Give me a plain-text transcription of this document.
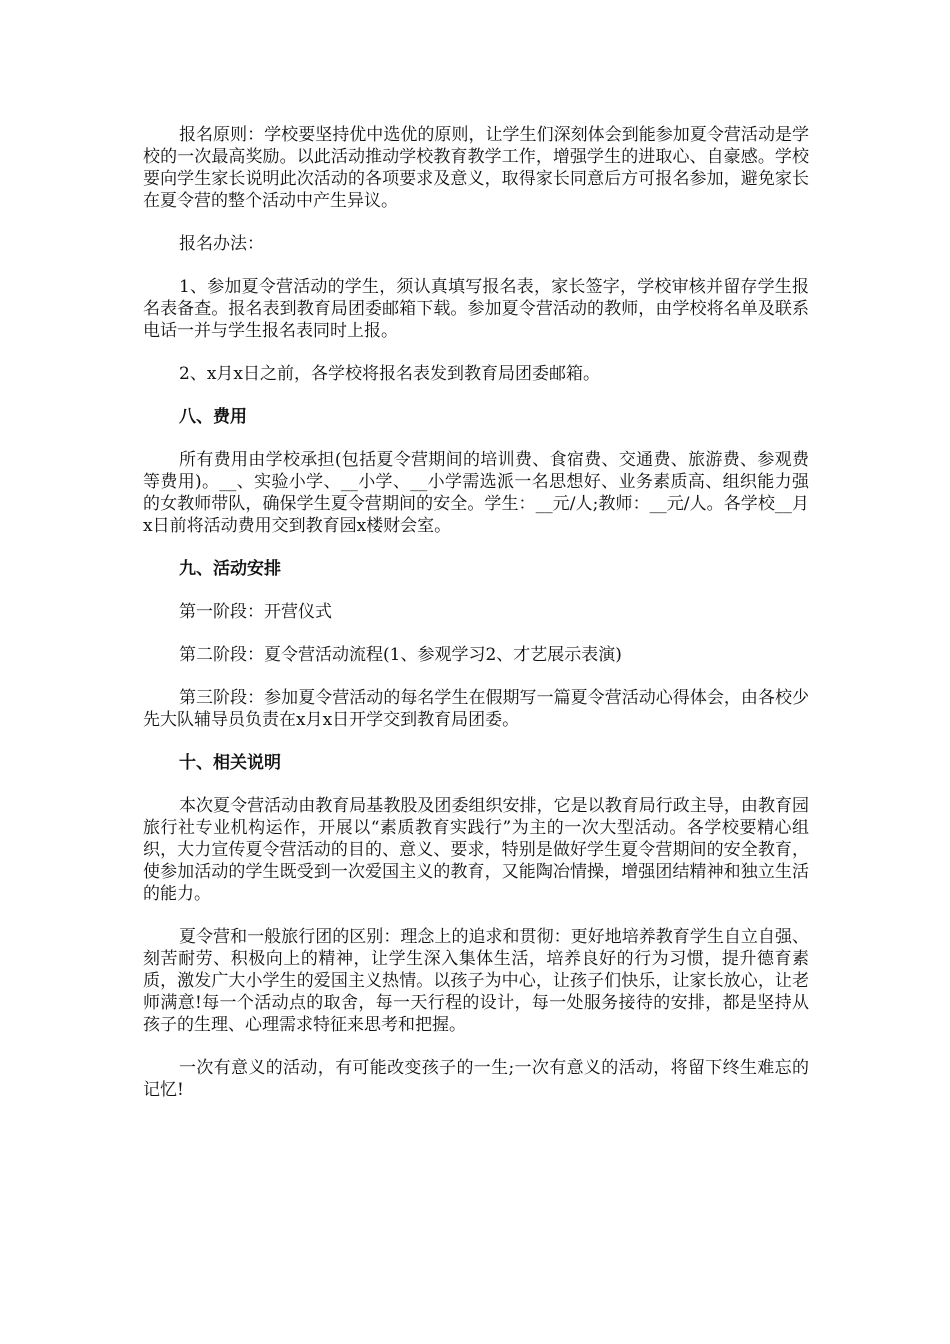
报名原则：学校要坚持优中选优的原则，让学生们深刻体会到能参加夏令营活动是学校的一次最高奖励。以此活动推动学校教育教学工作，增强学生的进取心、自豪感。学校要向学生家长说明此次活动的各项要求及意义，取得家长同意后方可报名参加，避免家长在夏令营的整个活动中产生异议。

报名办法：

1、参加夏令营活动的学生，须认真填写报名表，家长签字，学校审核并留存学生报名表备查。报名表到教育局团委邮箱下载。参加夏令营活动的教师，由学校将名单及联系电话一并与学生报名表同时上报。

2、x月x日之前，各学校将报名表发到教育局团委邮箱。

八、费用

所有费用由学校承担(包括夏令营期间的培训费、食宿费、交通费、旅游费、参观费等费用)。__、实验小学、__小学、__小学需选派一名思想好、业务素质高、组织能力强的女教师带队，确保学生夏令营期间的安全。学生：__元/人;教师：__元/人。各学校__月x日前将活动费用交到教育园x楼财会室。

九、活动安排

第一阶段：开营仪式

第二阶段：夏令营活动流程(1、参观学习2、才艺展示表演)

第三阶段：参加夏令营活动的每名学生在假期写一篇夏令营活动心得体会，由各校少先大队辅导员负责在x月x日开学交到教育局团委。

十、相关说明

本次夏令营活动由教育局基教股及团委组织安排，它是以教育局行政主导，由教育园旅行社专业机构运作，开展以“素质教育实践行”为主的一次大型活动。各学校要精心组织，大力宣传夏令营活动的目的、意义、要求，特别是做好学生夏令营期间的安全教育，使参加活动的学生既受到一次爱国主义的教育，又能陶冶情操，增强团结精神和独立生活的能力。

夏令营和一般旅行团的区别：理念上的追求和贯彻：更好地培养教育学生自立自强、刻苦耐劳、积极向上的精神，让学生深入集体生活，培养良好的行为习惯，提升德育素质，激发广大小学生的爱国主义热情。以孩子为中心，让孩子们快乐，让家长放心，让老师满意!每一个活动点的取舍，每一天行程的设计，每一处服务接待的安排，都是坚持从孩子的生理、心理需求特征来思考和把握。

一次有意义的活动，有可能改变孩子的一生;一次有意义的活动，将留下终生难忘的记忆!
